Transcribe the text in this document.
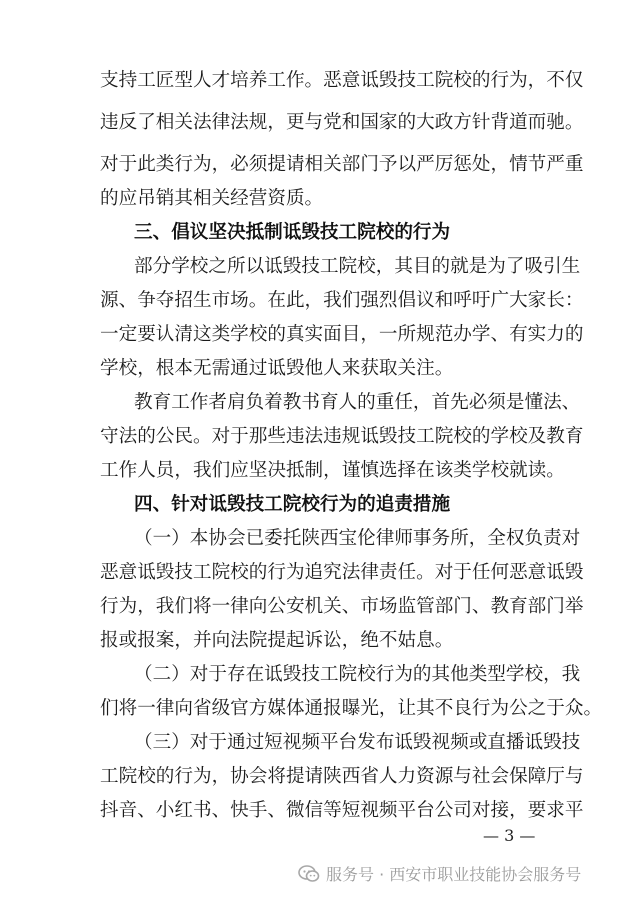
支持工匠型人才培养工作。恶意诋毁技工院校的行为，不仅
违反了相关法律法规，更与党和国家的大政方针背道而驰。
对于此类行为，必须提请相关部门予以严厉惩处，情节严重
的应吊销其相关经营资质。
三、倡议坚决抵制诋毁技工院校的行为
部分学校之所以诋毁技工院校，其目的就是为了吸引生
源、争夺招生市场。在此，我们强烈倡议和呼吁广大家长：
一定要认清这类学校的真实面目，一所规范办学、有实力的
学校，根本无需通过诋毁他人来获取关注。
教育工作者肩负着教书育人的重任，首先必须是懂法、
守法的公民。对于那些违法违规诋毁技工院校的学校及教育
工作人员，我们应坚决抵制，谨慎选择在该类学校就读。
四、针对诋毁技工院校行为的追责措施
（一）本协会已委托陕西宝伦律师事务所，全权负责对
恶意诋毁技工院校的行为追究法律责任。对于任何恶意诋毁
行为，我们将一律向公安机关、市场监管部门、教育部门举
报或报案，并向法院提起诉讼，绝不姑息。
（二）对于存在诋毁技工院校行为的其他类型学校，我
们将一律向省级官方媒体通报曝光，让其不良行为公之于众。
（三）对于通过短视频平台发布诋毁视频或直播诋毁技
工院校的行为，协会将提请陕西省人力资源与社会保障厅与
抖音、小红书、快手、微信等短视频平台公司对接，要求平
— 3 —
服务号 · 西安市职业技能协会服务号
